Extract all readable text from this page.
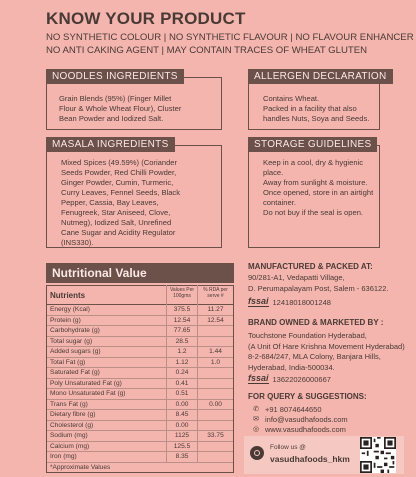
KNOW YOUR PRODUCT
NO SYNTHETIC COLOUR | NO SYNTHETIC FLAVOUR | NO FLAVOUR ENHANCER
NO ANTI CAKING AGENT | MAY CONTAIN TRACES OF WHEAT GLUTEN
NOODLES INGREDIENTS
Grain Blends (95%) (Finger Millet
Flour & Whole Wheat Flour), Cluster
Bean Powder and Iodized Salt.
ALLERGEN DECLARATION
Contains Wheat.
Packed in a facility that also
handles Nuts, Soya and Seeds.
MASALA INGREDIENTS
Mixed Spices (49.59%) (Coriander
Seeds Powder, Red Chilli Powder,
Ginger Powder, Cumin, Turmeric,
Curry Leaves, Fennel Seeds, Black
Pepper, Cassia, Bay Leaves,
Fenugreek, Star Aniseed, Clove,
Nutmeg), Iodized Salt, Unrefined
Cane Sugar and Acidity Regulator
(INS330).
STORAGE GUIDELINES
Keep in a cool, dry & hygienic place.
Away from sunlight & moisture.
Once opened, store in an airtight
container.
Do not buy if the seal is open.
Nutritional Value
Nutrients
Values Per 100gms
% RDA per serve #
Energy (Kcal)	375.5	11.27
Protein (g)	12.54	12.54
Carbohydrate (g)	77.65
Total sugar (g)	28.5
Added sugars (g)	1.2	1.44
Total Fat (g)	1.12	1.0
Saturated Fat (g)	0.24
Poly Unsaturated Fat (g)	0.41
Mono Unsaturated Fat (g)	0.51
Trans Fat (g)	0.00	0.00
Dietary fibre (g)	8.45
Cholesterol (g)	0.00
Sodium (mg)	1125	33.75
Calcium (mg)	125.5
Iron (mg)	8.35
*Approximate Values
MANUFACTURED & PACKED AT:
90/281-A1, Vedapatti Village,
D. Perumapalayam Post, Salem - 636122.
fssai 12418018001248
BRAND OWNED & MARKETED BY :
Touchstone Foundation Hyderabad,
(A Unit Of Hare Krishna Movement Hyderabad)
8-2-684/247, MLA Colony, Banjara Hills,
Hyderabad, India-500034.
fssai 13622026000667
FOR QUERY & SUGGESTIONS:
✆ +91 8074644650
✉ info@vasudhafoods.com
◎ www.vasudhafoods.com
Follow us @
vasudhafoods_hkm
